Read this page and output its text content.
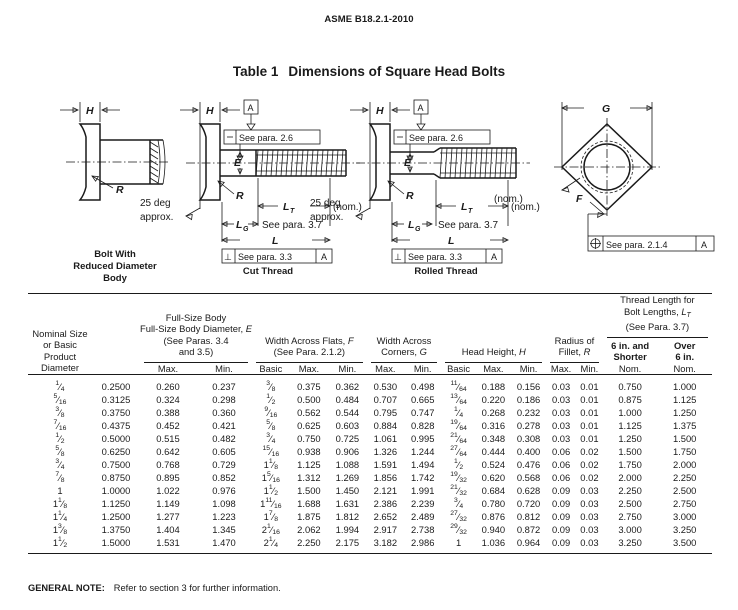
ASME B18.2.1-2010
Table 1 Dimensions of Square Head Bolts
H
R
Bolt With
Reduced Diameter
Body
25 deg
approx.
H	A
See para. 2.6
E
R
L T	(nom.)
L G See para. 3.7
L
⊥ See para. 3.3	A
Cut Thread
25 deg
approx.
H	A
See para. 2.6
E
R
L T	(nom.)
L G See para. 3.7
L
⊥ See para. 3.3	A
Rolled Thread
G
F
(nom.)
See para. 2.1.4	A
Nominal Size
or Basic
Product
Diameter

Full-Size Body
Full-Size Body Diameter, E
(See Paras. 3.4
and 3.5)

Width Across Flats, F
(See Para. 2.1.2)

Width Across
Corners, G	Head Height, H

Radius of
Fillet, R

Thread Length for
Bolt Lengths, $L_T$
(See Para. 3.7)
6 in. and
Shorter	Over
6 in.

	Max.	Min.	Basic	Max.	Min.	Max.	Min.	Basic	Max.	Min.	Max.	Min.	Nom.	Nom.
$^1$⁄4	0.2500	0.260	0.237	$^3$⁄8	0.375	0.362	0.530	0.498	$^{11}$⁄64	0.188	0.156	0.03	0.01	0.750	1.000
$^5$⁄16	0.3125	0.324	0.298	$^1$⁄2	0.500	0.484	0.707	0.665	$^{13}$⁄64	0.220	0.186	0.03	0.01	0.875	1.125
$^3$⁄8	0.3750	0.388	0.360	$^9$⁄16	0.562	0.544	0.795	0.747	$^1$⁄4	0.268	0.232	0.03	0.01	1.000	1.250
$^7$⁄16	0.4375	0.452	0.421	$^5$⁄8	0.625	0.603	0.884	0.828	$^{19}$⁄64	0.316	0.278	0.03	0.01	1.125	1.375
$^1$⁄2	0.5000	0.515	0.482	$^3$⁄4	0.750	0.725	1.061	0.995	$^{21}$⁄64	0.348	0.308	0.03	0.01	1.250	1.500
$^5$⁄8	0.6250	0.642	0.605	$^{15}$⁄16	0.938	0.906	1.326	1.244	$^{27}$⁄64	0.444	0.400	0.06	0.02	1.500	1.750
$^3$⁄4	0.7500	0.768	0.729	$1^1⁄8$	1.125	1.088	1.591	1.494	$^1$⁄2	0.524	0.476	0.06	0.02	1.750	2.000
$^7$⁄8	0.8750	0.895	0.852	$1^5⁄16$	1.312	1.269	1.856	1.742	$^{19}$⁄32	0.620	0.568	0.06	0.02	2.000	2.250
1	1.0000	1.022	0.976	$1^1⁄2$	1.500	1.450	2.121	1.991	$^{21}$⁄32	0.684	0.628	0.09	0.03	2.250	2.500
$1^1⁄8$	1.1250	1.149	1.098	$1^{11}⁄16$	1.688	1.631	2.386	2.239	$^3$⁄4	0.780	0.720	0.09	0.03	2.500	2.750
$1^1⁄4$	1.2500	1.277	1.223	$1^7⁄8$	1.875	1.812	2.652	2.489	$^{27}$⁄32	0.876	0.812	0.09	0.03	2.750	3.000
$1^3⁄8$	1.3750	1.404	1.345	$2^1⁄16$	2.062	1.994	2.917	2.738	$^{29}$⁄32	0.940	0.872	0.09	0.03	3.000	3.250
$1^1⁄2$	1.5000	1.531	1.470	$2^1⁄4$	2.250	2.175	3.182	2.986	1	1.036	0.964	0.09	0.03	3.250	3.500
GENERAL NOTE: Refer to section 3 for further information.
